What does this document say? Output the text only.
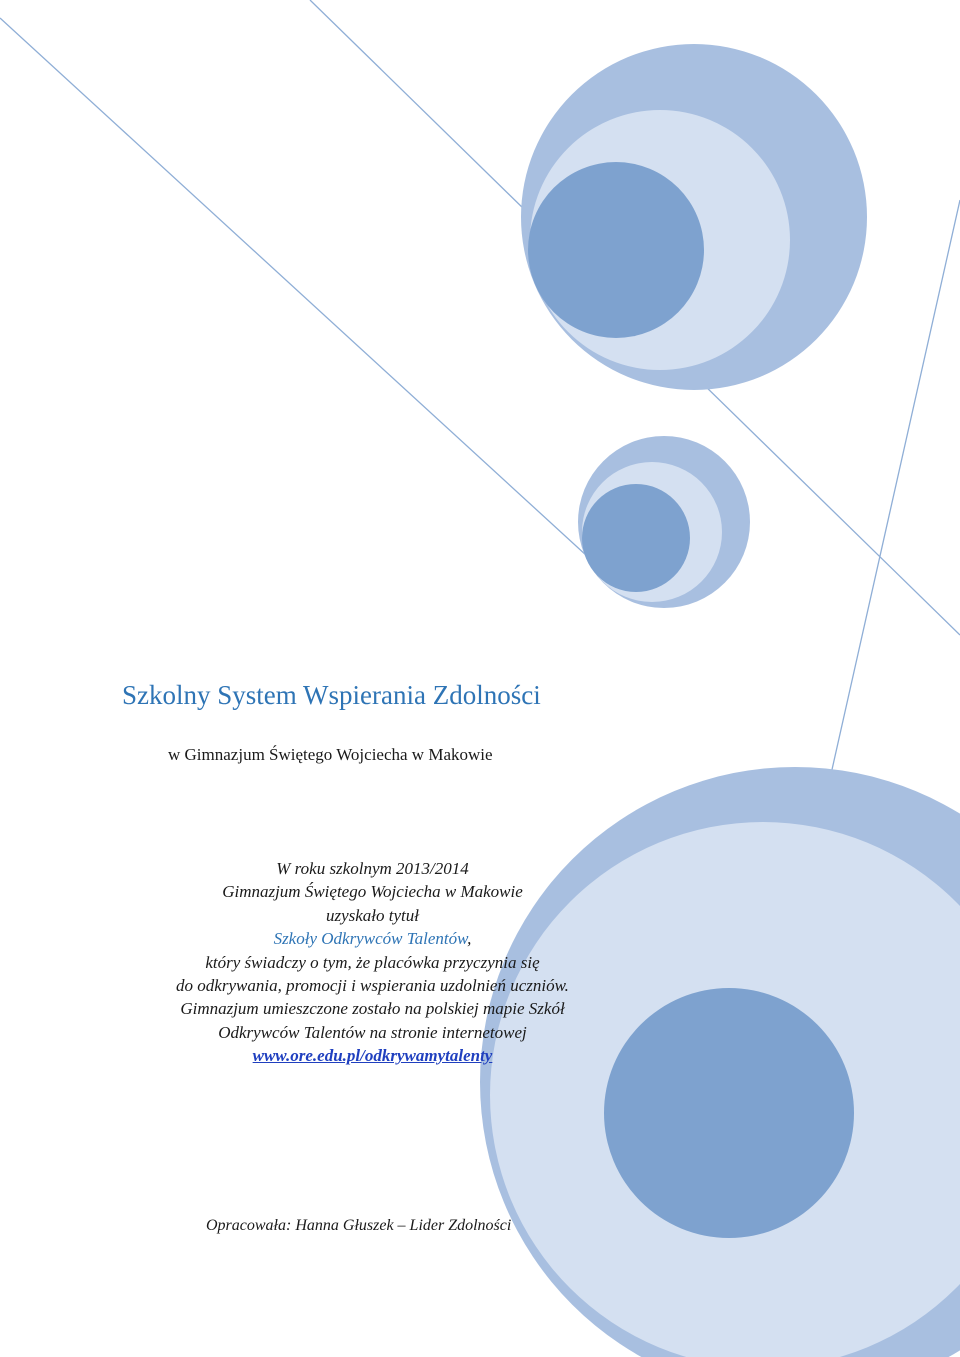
Szkolny System Wspierania Zdolności
w Gimnazjum Świętego Wojciecha w Makowie
W roku szkolnym 2013/2014
Gimnazjum Świętego Wojciecha w Makowie
uzyskało tytuł
Szkoły Odkrywców Talentów,
który świadczy o tym, że placówka przyczynia się
do odkrywania, promocji i wspierania uzdolnień uczniów.
Gimnazjum umieszczone zostało na polskiej mapie Szkół
Odkrywców Talentów na stronie internetowej
www.ore.edu.pl/odkrywamytalenty
Opracowała: Hanna Głuszek – Lider Zdolności
